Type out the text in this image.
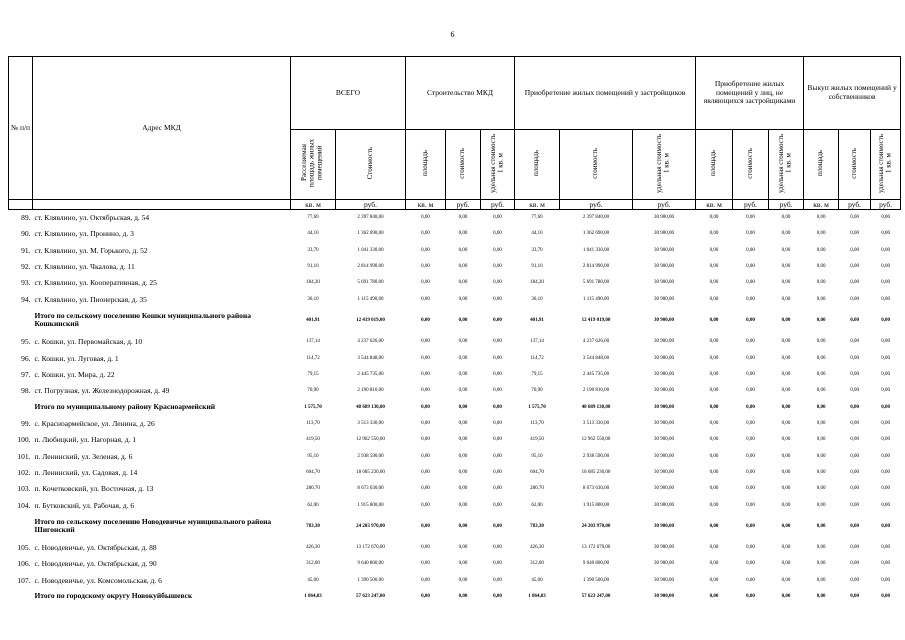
6
№ п/п	Адрес МКД	ВСЕГО		Строительство МКД			Приобретение жилых помещений у застройщиков			Приобретение жилых помещений у лиц, не являющихся застройщиками			Выкуп жилых помещений у собственников		
		Расселяемая площадь жилых помещений	Стоимость	площадь	стоимость	удельная стоимость 1 кв. м	площадь	стоимость	удельная стоимость 1 кв. м	площадь	стоимость	удельная стоимость 1 кв. м	площадь	стоимость	удельная стоимость 1 кв. м
		кв. м	руб.	кв. м	руб.	руб.	кв. м	руб.	руб.	кв. м	руб.	руб.	кв. м	руб.	руб.
89.	ст. Клявлино, ул. Октябрьская, д. 54	77,60	2 397 840,00	0,00	0,00	0,00	77,60	2 397 840,00	30 900,00	0,00	0,00	0,00	0,00	0,00	0,00
90.	ст. Клявлино, ул. Пронино, д. 3	44,10	1 362 690,00	0,00	0,00	0,00	44,10	1 362 690,00	30 900,00	0,00	0,00	0,00	0,00	0,00	0,00
91.	ст. Клявлино, ул. М. Горького, д. 52	33,70	1 041 330,00	0,00	0,00	0,00	33,70	1 041 330,00	30 900,00	0,00	0,00	0,00	0,00	0,00	0,00
92.	ст. Клявлино, ул. Чкалова, д. 11	91,10	2 814 990,00	0,00	0,00	0,00	91,10	2 814 990,00	30 900,00	0,00	0,00	0,00	0,00	0,00	0,00
93.	ст. Клявлино, ул. Кооперативная, д. 25	184,20	5 691 780,00	0,00	0,00	0,00	184,20	5 691 780,00	30 900,00	0,00	0,00	0,00	0,00	0,00	0,00
94.	ст. Клявлино, ул. Пионерская, д. 35	36,10	1 115 490,00	0,00	0,00	0,00	36,10	1 115 490,00	30 900,00	0,00	0,00	0,00	0,00	0,00	0,00
	Итого по сельскому поселению Кошки муниципального района Кошкинский	401,91	12 419 019,00	0,00	0,00	0,00	401,91	12 419 019,00	30 900,00	0,00	0,00	0,00	0,00	0,00	0,00
95.	с. Кошки, ул. Первомайская, д. 10	137,14	4 237 626,00	0,00	0,00	0,00	137,14	4 237 626,00	30 900,00	0,00	0,00	0,00	0,00	0,00	0,00
96.	с. Кошки, ул. Луговая, д. 1	114,72	3 544 848,00	0,00	0,00	0,00	114,72	3 544 848,00	30 900,00	0,00	0,00	0,00	0,00	0,00	0,00
97.	с. Кошки, ул. Мира, д. 22	79,15	2 445 735,00	0,00	0,00	0,00	79,15	2 445 735,00	30 900,00	0,00	0,00	0,00	0,00	0,00	0,00
98.	ст. Погрузная, ул. Железнодорожная, д. 49	70,90	2 190 810,00	0,00	0,00	0,00	70,90	2 190 810,00	30 900,00	0,00	0,00	0,00	0,00	0,00	0,00
	Итого по муниципальному району Красноармейский	1 575,70	48 689 130,00	0,00	0,00	0,00	1 575,70	48 689 130,00	30 900,00	0,00	0,00	0,00	0,00	0,00	0,00
99.	с. Красноармейское, ул. Ленина, д. 26	113,70	3 513 330,00	0,00	0,00	0,00	113,70	3 513 330,00	30 900,00	0,00	0,00	0,00	0,00	0,00	0,00
100.	п. Любицкий, ул. Нагорная, д. 1	419,50	12 962 550,00	0,00	0,00	0,00	419,50	12 962 550,00	30 900,00	0,00	0,00	0,00	0,00	0,00	0,00
101.	п. Ленинский, ул. Зеленая, д. 6	95,10	2 938 590,00	0,00	0,00	0,00	95,10	2 938 590,00	30 900,00	0,00	0,00	0,00	0,00	0,00	0,00
102.	п. Ленинский, ул. Садовая, д. 14	604,70	18 685 230,00	0,00	0,00	0,00	604,70	18 685 230,00	30 900,00	0,00	0,00	0,00	0,00	0,00	0,00
103.	п. Кочетковский, ул. Восточная, д. 13	280,70	8 673 630,00	0,00	0,00	0,00	280,70	8 673 630,00	30 900,00	0,00	0,00	0,00	0,00	0,00	0,00
104.	п. Бутковский, ул. Рабочая, д. 6	62,00	1 915 800,00	0,00	0,00	0,00	62,00	1 915 800,00	30 900,00	0,00	0,00	0,00	0,00	0,00	0,00
	Итого по сельскому поселению Новодевичье муниципального района Шигонский	783,30	24 203 970,00	0,00	0,00	0,00	783,30	24 203 970,00	30 900,00	0,00	0,00	0,00	0,00	0,00	0,00
105.	с. Новодевичье, ул. Октябрьская, д. 88	426,30	13 172 670,00	0,00	0,00	0,00	426,30	13 172 670,00	30 900,00	0,00	0,00	0,00	0,00	0,00	0,00
106.	с. Новодевичье, ул. Октябрьская, д. 90	312,00	9 640 800,00	0,00	0,00	0,00	312,00	9 640 800,00	30 900,00	0,00	0,00	0,00	0,00	0,00	0,00
107.	с. Новодевичье, ул. Комсомольская, д. 6	45,00	1 390 500,00	0,00	0,00	0,00	45,00	1 390 500,00	30 900,00	0,00	0,00	0,00	0,00	0,00	0,00
	Итого по городскому округу Новокуйбышевск	1 864,83	57 623 247,00	0,00	0,00	0,00	1 864,83	57 623 247,00	30 900,00	0,00	0,00	0,00	0,00	0,00	0,00
